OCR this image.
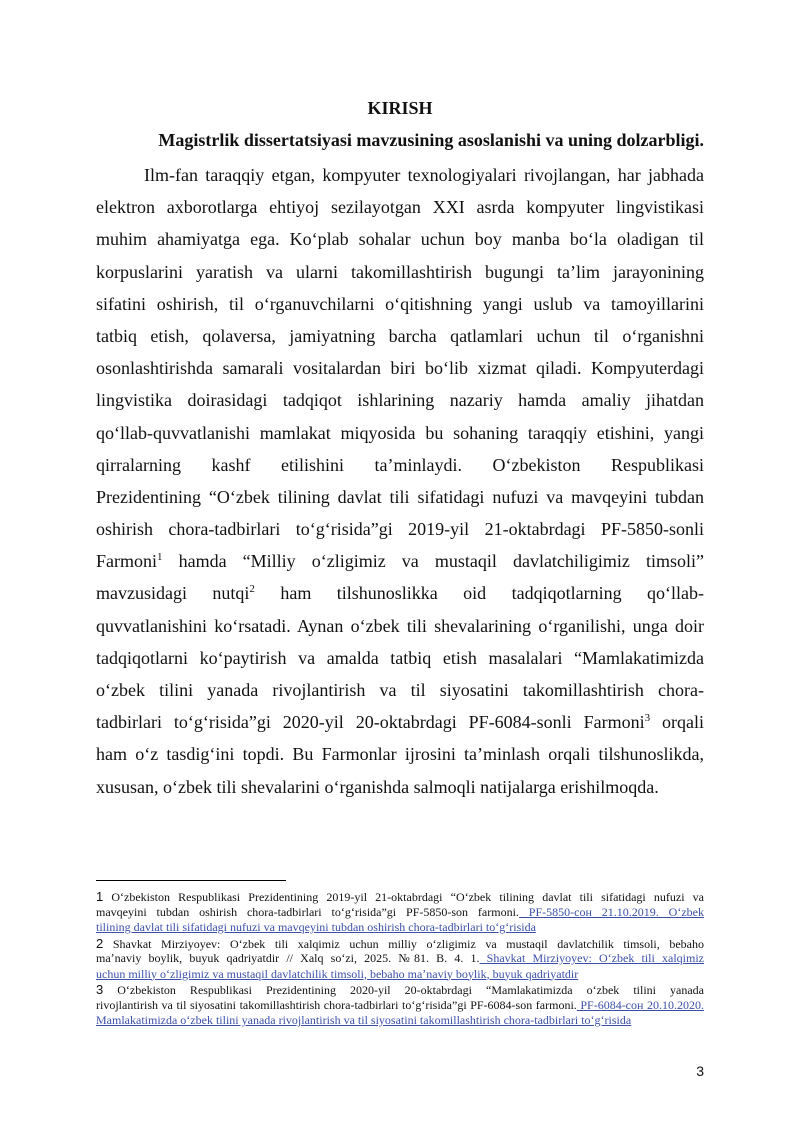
KIRISH
Magistrlik dissertatsiyasi mavzusining asoslanishi va uning dolzarbligi.
Ilm-fan taraqqiy etgan, kompyuter texnologiyalari rivojlangan, har jabhada
elektron axborotlarga ehtiyoj sezilayotgan XXI asrda kompyuter lingvistikasi
muhim ahamiyatga ega. Koʻplab sohalar uchun boy manba boʻla oladigan til
korpuslarini yaratish va ularni takomillashtirish bugungi taʼlim jarayonining
sifatini oshirish, til oʻrganuvchilarni oʻqitishning yangi uslub va tamoyillarini
tatbiq etish, qolaversa, jamiyatning barcha qatlamlari uchun til oʻrganishni
osonlashtirishda samarali vositalardan biri boʻlib xizmat qiladi. Kompyuterdagi
lingvistika doirasidagi tadqiqot ishlarining nazariy hamda amaliy jihatdan
qoʻllab-quvvatlanishi mamlakat miqyosida bu sohaning taraqqiy etishini, yangi
qirralarning kashf etilishini taʼminlaydi. Oʻzbekiston Respublikasi
Prezidentining “Oʻzbek tilining davlat tili sifatidagi nufuzi va mavqeyini tubdan
oshirish chora-tadbirlari toʻgʻrisida”gi 2019-yil 21-oktabrdagi PF-5850-sonli
Farmoni$^1$ hamda “Milliy oʻzligimiz va mustaqil davlatchiligimiz timsoli”
mavzusidagi nutqi$^2$ ham tilshunoslikka oid tadqiqotlarning qoʻllab-
quvvatlanishini koʻrsatadi. Aynan oʻzbek tili shevalarining oʻrganilishi, unga doir
tadqiqotlarni koʻpaytirish va amalda tatbiq etish masalalari “Mamlakatimizda
oʻzbek tilini yanada rivojlantirish va til siyosatini takomillashtirish chora-
tadbirlari toʻgʻrisida”gi 2020-yil 20-oktabrdagi PF-6084-sonli Farmoni$^3$ orqali
ham oʻz tasdigʻini topdi. Bu Farmonlar ijrosini taʼminlash orqali tilshunoslikda,
xususan, oʻzbek tili shevalarini oʻrganishda salmoqli natijalarga erishilmoqda.
1 Oʻzbekiston Respublikasi Prezidentining 2019-yil 21-oktabrdagi “Oʻzbek tilining davlat tili sifatidagi nufuzi va
mavqeyini tubdan oshirish chora-tadbirlari toʻgʻrisida”gi PF-5850-son farmoni. PF-5850-сон 21.10.2019. Oʻzbek
tilining davlat tili sifatidagi nufuzi va mavqeyini tubdan oshirish chora-tadbirlari toʻgʻrisida
2 Shavkat Mirziyoyev: Oʻzbek tili xalqimiz uchun milliy oʻzligimiz va mustaqil davlatchilik timsoli, bebaho
maʼnaviy boylik, buyuk qadriyatdir // Xalq soʻzi, 2025. №81. B. 4. 1. Shavkat Mirziyoyev: Oʻzbek tili xalqimiz
uchun milliy oʻzligimiz va mustaqil davlatchilik timsoli, bebaho maʼnaviy boylik, buyuk qadriyatdir
3 Oʻzbekiston Respublikasi Prezidentining 2020-yil 20-oktabrdagi “Mamlakatimizda oʻzbek tilini yanada
rivojlantirish va til siyosatini takomillashtirish chora-tadbirlari toʻgʻrisida”gi PF-6084-son farmoni. PF-6084-сон 20.10.2020.
Mamlakatimizda oʻzbek tilini yanada rivojlantirish va til siyosatini takomillashtirish chora-tadbirlari toʻgʻrisida
3
